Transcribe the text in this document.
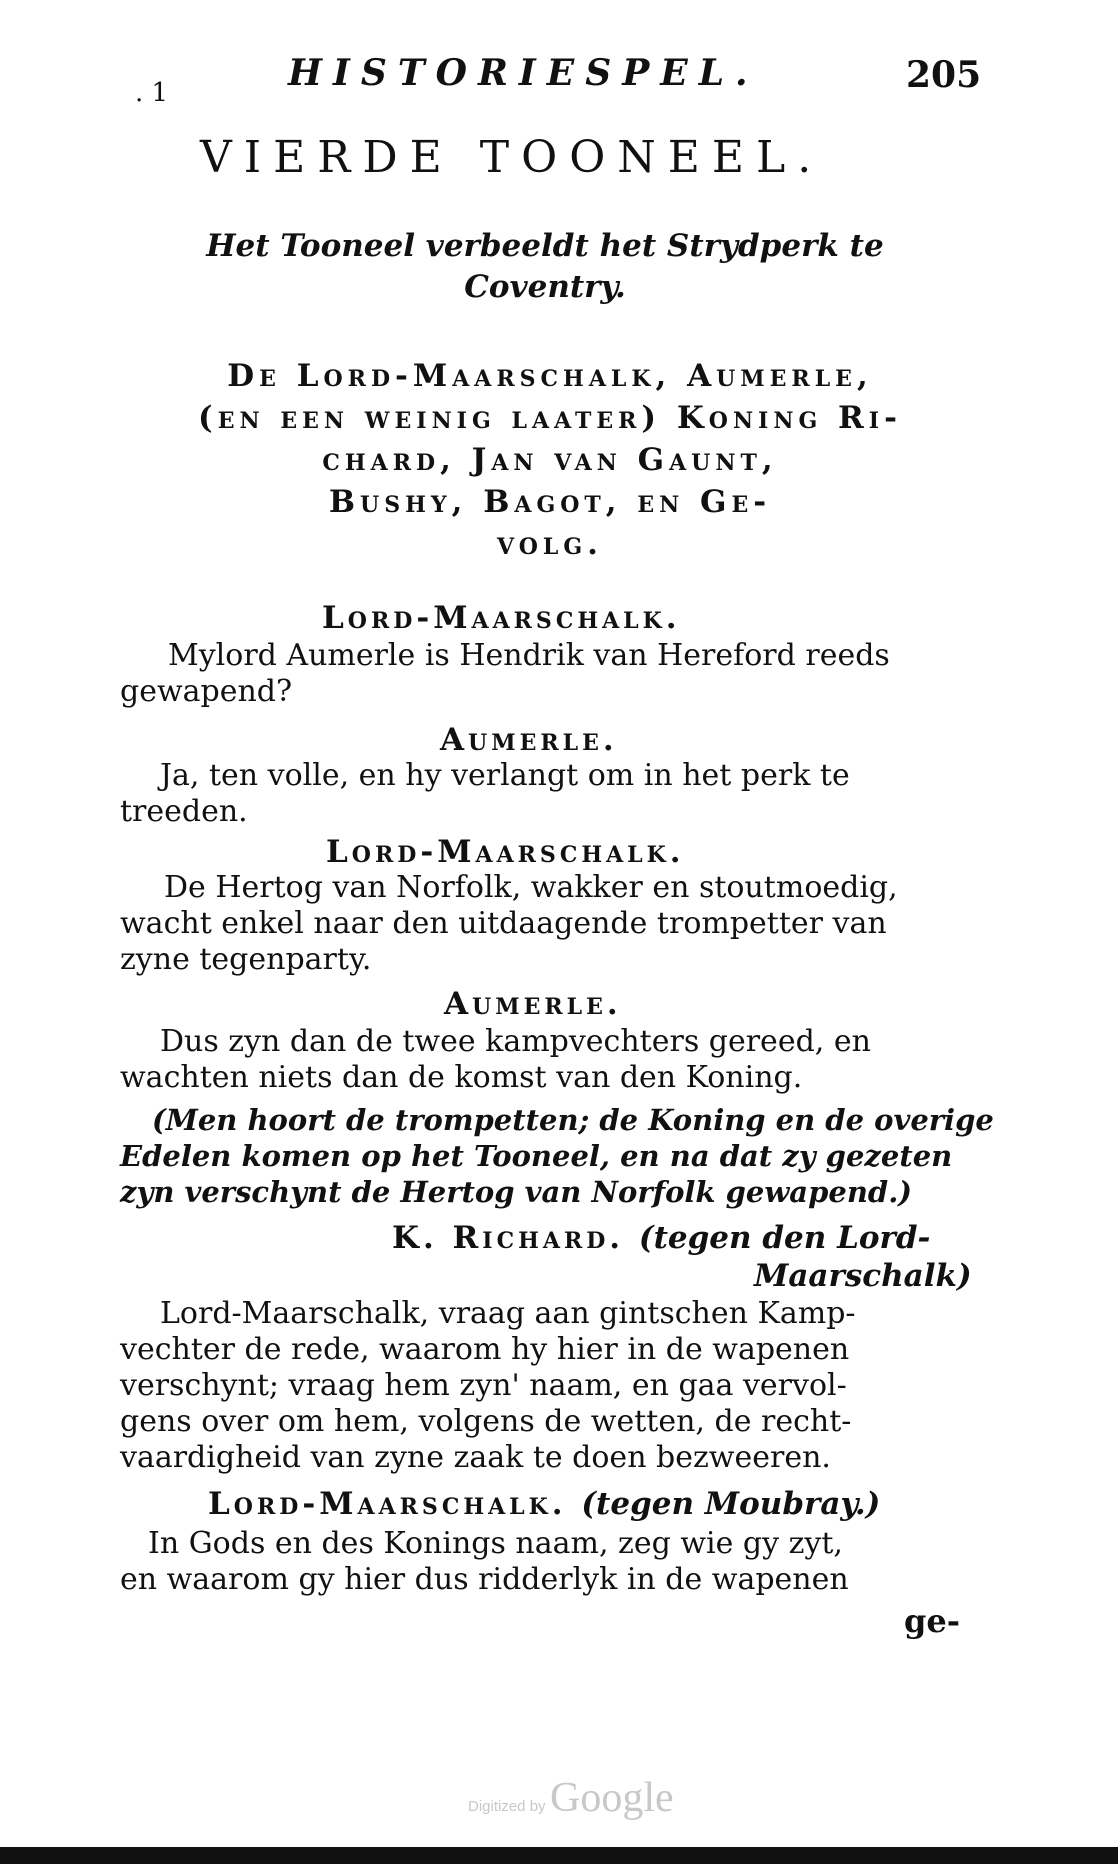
. 1	HISTORIESPEL.	205
VIERDE TOONEEL.
Het Tooneel verbeeldt het Strydperk te
Coventry.
De Lord-Maarschalk, Aumerle,
(en een weinig laater) Koning Ri-
chard, Jan van Gaunt,
Bushy, Bagot, en Ge-
volg.
Lord-Maarschalk.
Mylord Aumerle is Hendrik van Hereford reeds
gewapend?
Aumerle.
Ja, ten volle, en hy verlangt om in het perk te
treeden.
Lord-Maarschalk.
De Hertog van Norfolk, wakker en stoutmoedig,
wacht enkel naar den uitdaagende trompetter van
zyne tegenparty.
Aumerle.
Dus zyn dan de twee kampvechters gereed, en
wachten niets dan de komst van den Koning.
(Men hoort de trompetten; de Koning en de overige
Edelen komen op het Tooneel, en na dat zy gezeten
zyn verschynt de Hertog van Norfolk gewapend.)
K. Richard. (tegen den Lord-
Maarschalk)
Lord-Maarschalk, vraag aan gintschen Kamp-
vechter de rede, waarom hy hier in de wapenen
verschynt; vraag hem zyn' naam, en gaa vervol-
gens over om hem, volgens de wetten, de recht-
vaardigheid van zyne zaak te doen bezweeren.
Lord-Maarschalk. (tegen Moubray.)
In Gods en des Konings naam, zeg wie gy zyt,
en waarom gy hier dus ridderlyk in de wapenen
ge-
Digitized by Google
